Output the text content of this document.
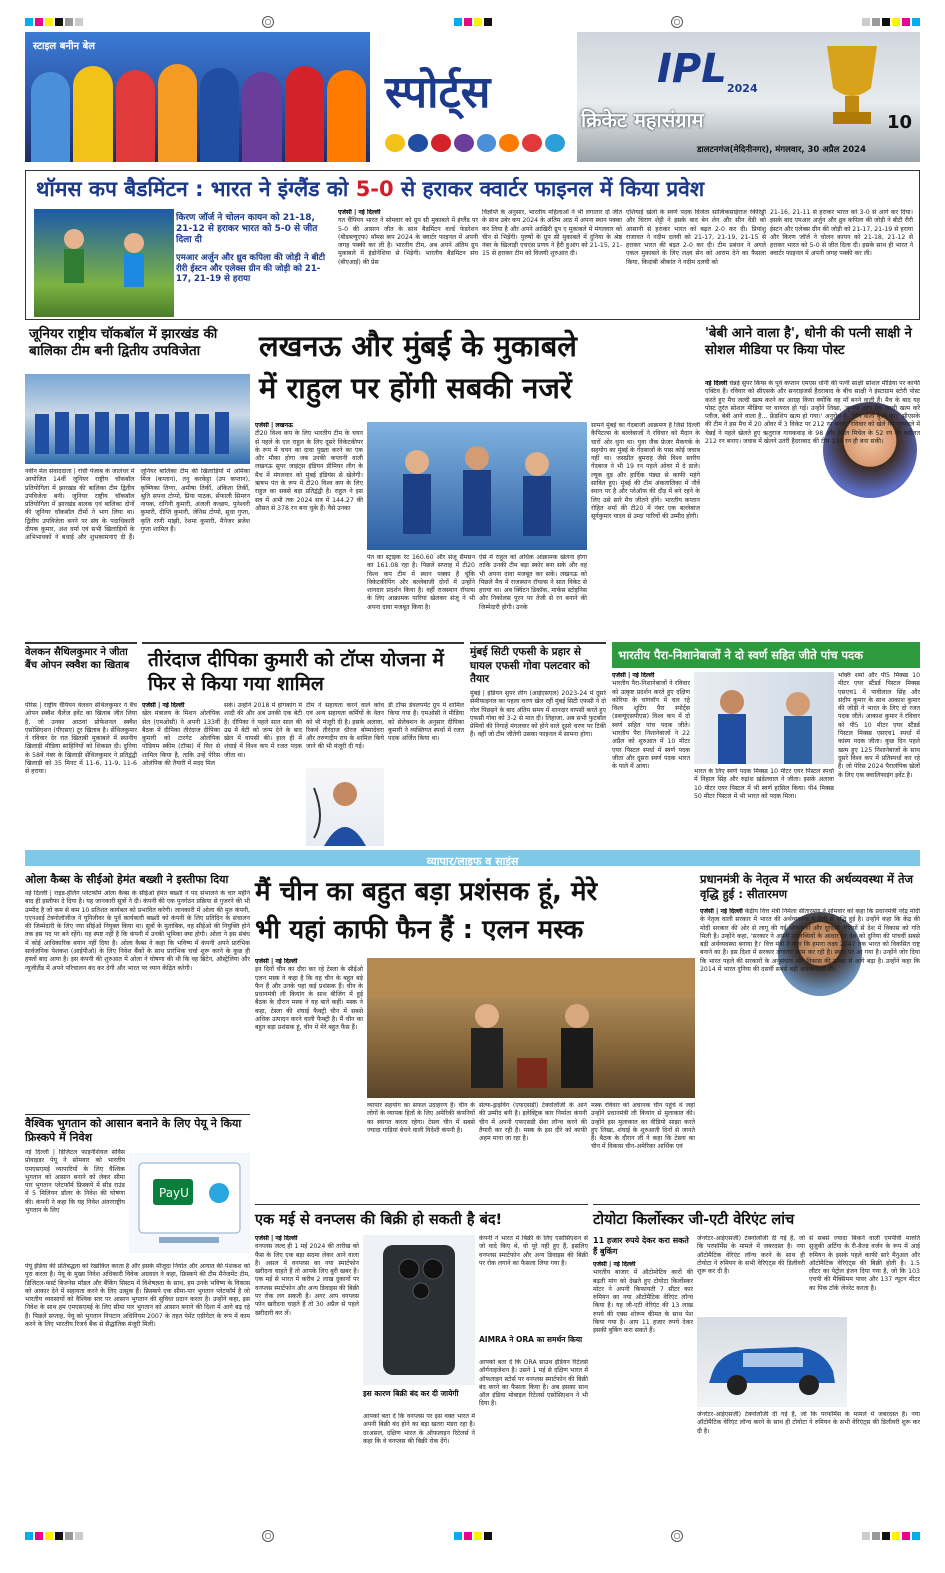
स्टाइल बनीन बेल
स्पोर्ट्स	IPL 2024
क्रिकेट महासंग्राम	10
डालटनगंज(मेदिनीनगर), मंगलवार, 30 अप्रैल 2024
थॉमस कप बैडमिंटन : भारत ने इंग्लैंड को 5-0 से हराकर क्वार्टर फाइनल में किया प्रवेश
किरण जॉर्ज ने चोलन कायन को 21-18, 21-12 से हराकर भारत को 5-0 से जीत दिला दी
एमआर अर्जुन और ध्रुव कपिला की जोड़ी ने बीटी रीरी ईस्टन और एलेक्स ग्रीन की जोड़ी को 21-17, 21-19 से हराया
एजेंसी | नई दिल्ली
गत चैंपियन भारत ने सोमवार को ग्रुप सी मुकाबले में इंग्लैंड पर 5-0 की आसान जीत के साथ बैडमिंटन वर्ल्ड फेडरेशन (बीडब्ल्यूएफ) थॉमस कप 2024 के क्वार्टर फाइनल में अपनी जगह पक्की कर ली है। भारतीय टीम, अब अपने अंतिम ग्रुप मुकाबले में इंडोनेशिया से भिड़ेगी। भारतीय बैडमिंटन संघ (बीएआई) की प्रेस
विज्ञप्ति के अनुसार, भारतीय महिलाओं ने भी लगातार दो जीत के साथ उबेर कप 2024 के अंतिम आठ में अपना स्थान पक्का कर लिया है और अपने आखिरी ग्रुप ए मुकाबले में मंगलवार को चीन से भिड़ेंगी। पुरुषों के ग्रुप सी मुकाबले में दुनिया के श्रेष्ठ नंबर के खिलाड़ी एचएस प्रणय ने हैरी हुआंग को 21-15, 21-15 से हराकर टीम को विजयी शुरुआत दी।
एशियाई खेलों के स्वर्ण पदक विजेता सात्विकसाईराज रंकीरेड्डी और चिराग शेट्टी ने इसके बाद बेन लेन और सीन वेंडी को आसानी से हराकर भारत को बढ़त 2-0 कर दी। प्रियांशु राजावत ने नदीम दलवी को 21-17, 21-19, 21-15 से हराकर भारत की बढ़त 2-0 कर दी। टीम प्रबंधन ने अगले एकल मुकाबले के लिए लक्ष्य सेन को आराम देने का फैसला किया, किदांबी श्रीकांत ने नदीम दलवी को
21-16, 21-11 से हराकर भारत को 3-0 से आगे कर दिया। इसके बाद एमआर अर्जुन और ध्रुव कपिला की जोड़ी ने बीटी रीरी ईस्टन और एलेक्स ग्रीन की जोड़ी को 21-17, 21-19 से हराया और किरण जॉर्ज ने चोलन कायन को 21-18, 21-12 से हराकर भारत को 5-0 से जीत दिला दी। इसके साथ ही भारत ने क्वार्टर फाइनल में अपनी जगह पक्की कर ली।
जूनियर राष्ट्रीय चॉकबॉल में झारखंड की बालिका टीम बनी द्वितीय उपविजेता
नवीन मेल संवाददाता | रांची पंजाब के जालंधर में आयोजित 14वीं जूनियर राष्ट्रीय चॉकबॉल प्रतियोगिता में झारखंड की बालिका टीम द्वितीय उपविजेता बनी। जूनियर राष्ट्रीय चॉकबॉल प्रतियोगिता में झारखंड बालक एवं बालिका दोनों की जूनियर चॉकबॉल टीमों ने भाग लिया था। द्वितीय उपविजेता बनने पर संघ के पदाधिकारी दीपक कुमार, अंश वर्मा एवं सभी खिलाड़ियों के अभिभावकों ने बधाई और शुभकामनाएं दी हैं। जूनियर बालिका टीम की खिलाड़ियों में अमिका मिंज (कप्तान), तनु करकेट्टा (उप कप्तान), कृष्णिका तिग्गा, अमीषा तिर्की, अंकिता तिर्की, श्रुति सपना टोप्पो, प्रिया पाठक, सेंफाली सिमरन नायक, रागिनी कुमारी, अंजली कच्छप, पुनेश्वरी कुमारी, दीप्ति कुमारी, जेनिस टोप्पो, सुधा गुप्ता, कृति राणी मांझी, रेशमा कुमारी, मैनेजर ब्रजेश गुप्ता शामिल हैं।
लखनऊ और मुंबई के मुकाबले
में राहुल पर होंगी सबकी नजरें
एजेंसी | लखनऊ
टी20 विश्व कप के लिए भारतीय टीम के चयन से पहले के एल राहुल के लिए दूसरे विकेटकीपर के रूप में चयन का दावा पुख्ता करने का एक और मौका होगा जब उनकी कप्तानी वाली लखनऊ सुपर जाइंट्स इंडियन प्रीमियर लीग के मैच में मंगलवार को मुंबई इंडियंस से खेलेगी। ऋषभ पंत के रूप में टी20 विश्व कप के लिए राहुल का सबसे बड़ा प्रतिद्वंद्वी है। राहुल ने इस सत्र में अभी तक 2024 सत्र में 144.27 की औसत से 378 रन बना चुके हैं। वैसे उनका
पंत का स्ट्राइक रेट 160.60 और संजू सैमसन का 161.08 रहा है। पिछले सप्ताह में टी20 विश्व कप टीम में स्थान पक्का है चूंकि विकेटकीपिंग और बल्लेबाजी दोनों में उन्होंने शानदार प्रदर्शन किया है। वहीं राजस्थान रॉयल्स के लिए आक्रामक पारियां खेलकर संजू ने भी अपना दावा मजबूत किया है।
ऐसे में राहुल को अधिक आक्रामक खेलना होगा ताकि उनकी टीम बड़ा स्कोर बना सके और वह भी अपना दावा मजबूत कर सकें। लखनऊ को पिछले मैच में राजस्थान रॉयल्स ने सात विकेट से हराया था। अब क्विंटन डिकॉक, मार्कस स्टोइनिस और निकोलस पूरन पर तेजी से रन बनाने की जिम्मेदारी होगी। उनके
सामने मुंबई का गेंदबाजी आक्रमण है जिसे दिल्ली कैपिटल्स के बल्लेबाजों ने रविवार को मैदान के चारों ओर धुना था। युवा जैक फ्रेजर मैकगर्क के सहयोग का मुंबई के गेंदबाजों के पास कोई जवाब नहीं था। जसप्रीत बुमराह जैसे विश्व स्तरीय गेंदबाज ने भी 19 रन पहले ओवर में दे डाले। ल्यूक वुड और हार्दिक पंड्या से काफी महंगे साबित हुए। मुंबई की टीम अंकतालिका में नौवें स्थान पर है और प्लेऑफ की दौड़ में बने रहने के लिए उसे सारे मैच जीतने होंगे। भारतीय कप्तान रोहित शर्मा की टी20 में नंबर एक बल्लेबाज सूर्यकुमार यादव से उम्दा पारियों की उम्मीद होगी।
'बेबी आने वाला है', धोनी की पत्नी साक्षी ने सोशल मीडिया पर किया पोस्ट
नई दिल्ली चेन्नई सुपर किंग्स के पूर्व कप्तान एमएस धोनी की पत्नी साक्षी सोशल मीडिया पर काफी एक्टिव हैं। रविवार को सीएसके और सनराइजर्स हैदराबाद के बीच साक्षी ने इंस्टाग्राम स्टोरी पोस्ट करते हुए मैच जल्दी खत्म करने का आग्रह किया क्योंकि वह माँ बनने वाली हैं। मैच के बाद यह पोस्ट तुरंत सोशल मीडिया पर वायरल हो गई। उन्होंने लिखा, 'कृपया आप मैच जल्दी खत्म करें प्लीज, बेबी आने वाला है... फ्रेंडशिप खत्म हो गया।' अनुरोध है- 'होने वाली बुआ का।' सीएसके की टीम ने इस मैच में 20 ओवर में 3 विकेट पर 212 रन बनाए। रविवार को खेले गए मुकाबले में चेन्नई ने पहले खेलते हुए ऋतुराज गायकवाड़ के 98 और डेरिल मिचेल के 52 रन की बदौलत 212 रन बनाए। जवाब में खेलने उतरी हैदराबाद की टीम 134 रन ही बना सकी।
वेलकन सैथिलकुमार ने जीता बैंच ओपन स्क्वैश का खिताब
पेरिस | राष्ट्रीय चैंपियन वेलवन सेंथिलकुमार ने बैंच ओपन स्क्वैश चैलेंज इवेंट का खिताब जीत लिया है, जो उनका आठवां प्रोफेशनल स्क्वैश एसोसिएशन (पीएसए) टूर खिताब है। सेंथिलकुमार ने रविवार देर रात खिताबी मुकाबले में स्थानीय खिलाड़ी मीडिया साहिनियों को शिकस्त दी। दुनिया के 58वें नंबर के खिलाड़ी सेंथिलकुमार ने प्रतिद्वंद्वी खिलाड़ी को 35 मिनट में 11-6, 11-9, 11-6 से हराया।
तीरंदाज दीपिका कुमारी को टॉप्स योजना में फिर से किया गया शामिल
एजेंसी | नई दिल्ली
खेल मंत्रालय के मिशन ओलंपिक सेल (एमओसी) ने अपनी 133वीं बैठक में दीपिका तीरंदाज दीपिका कुमारी को टारगेट ओलंपिक पोडियम स्कीम (टॉप्स) में फिर से शामिल किया है, ताकि उन्हें पेरिस ओलंपिक की तैयारी में मदद मिल
सके। उन्होंने 2018 में हांगकांग में शादी की और अब उनकी एक बेटी है। दीपिका ने पहले सात साल की उम्र में बेटी को जन्म देने के बाद खेल में वापसी की। हाल ही में शंघाई में विश्व कप में रजत पदक जीता था।
टीम ने सहायता करने वाले कोच एवं अन्य सहायता कर्मियों के वेतन को भी मंजूरी दी है। इसके अलावा, रिकर्व तीरंदाज धीरज बोम्मादेवरा और तरुणदीप राय के शामिल किये जाने की भी मंजूरी दी गई।
डी टॉप्स डेवलपमेंट ग्रुप में शामिल किया गया है। एमओसी ने मीडिया को सेलेक्शन के अनुसार दीपिका कुमारी ने व्यक्तिगत स्पर्धा में रजत पदक अर्जित किया था।
मुंबई सिटी एफसी के प्रहार से घायल एफसी गोवा पलटवार को तैयार
मुंबई | इंडियन सुपर लीग (आईएसएल) 2023-24 में दूसरे सेमीफाइनल का पहला चरण खेल रहीं मुंबई सिटी एफसी ने दो गोल पिछड़ने के बाद अंतिम समय में शानदार वापसी करते हुए एफसी गोवा को 3-2 से मात दी। लिहाजा, अब सभी फुटबॉल प्रेमियों की निगाहें मंगलवार को होने वाले दूसरे चरण पर टिकी हैं। वहीं जो टीम जीतेगी उसका फाइनल में सामना होगा।
भारतीय पैरा-निशानेबाजों ने दो स्वर्ण सहित जीते पांच पदक
एजेंसी | नई दिल्ली
भारतीय पैरा-निशानेबाजों ने रविवार को उत्कृष्ट प्रदर्शन करते हुए दक्षिण कोरिया के चांगवॉन में चल रहे विश्व शूटिंग पैरा स्पोर्ट्स (डब्ल्यूएसपीएस) विश्व कप में दो स्वर्ण सहित पांच पदक जीते। भारतीय पैरा निशानेबाजों ने 22 अप्रैल को शुरुआत में 10 मीटर एयर पिस्टल स्पर्धा में स्वर्ण पदक जीता और दूसरा स्वर्ण पदक भारत के पाले में आया।
भारत के लिए स्वर्ण पदक मिक्स्ड 10 मीटर एयर पिस्टल स्पर्धा में निहाल सिंह और रुद्रांश खंडेलवाल ने जीता। इसके अलावा 10 मीटर एयर पिस्टल में भी स्वर्ण हासिल किया। पी4 मिक्स्ड 50 मीटर पिस्टल में भी भारत को पदक मिला।
भक्ति शर्मा और पी5 मिक्स्ड 10 मीटर एयर स्टैंडर्ड पिस्टल मिक्स्ड एसएच1 में पावीलाल सिंह और संदीप कुमार के साथ आकाश कुमार की जोड़ी ने भारत के लिए दो रजत पदक जीते। आकाश कुमार ने रविवार को पी5 10 मीटर एयर स्टैंडर्ड पिस्टल मिक्स्ड एसएच1 स्पर्धा में कांस्य पदक जीता। कुछ दिन पहले खत्म हुए 125 निशानेबाजों के साथ दूसरे विश्व कप में प्रतिस्पर्धा कर रहे हैं। जो पेरिस 2024 पैरालंपिक खेलों के लिए एक क्वालिफाइंग इवेंट है।
व्यापार/लाइफ व साइंस
ओला कैब्स के सीईओ हेमंत बख्शी ने इस्तीफा दिया
नई दिल्ली | राइड-हेलिंग प्लेटफॉर्म ओला कैब्स के सीईओ हेमंत बख्शी ने पद संभालने के चार महीने बाद ही इस्तीफा दे दिया है। यह जानकारी सूत्रों ने दी। कंपनी की एक पुनर्गठन प्रक्रिया से गुजरने की भी उम्मीद है जो कम से कम 10 प्रतिशत कार्यबल को प्रभावित करेगी। जानकारी में ओला की मूल कंपनी, एएनआई टेक्नोलॉजीज ने यूनिलीवर के पूर्व कार्यकारी बख्शी को कंपनी के लिए प्रतिदिन के संचालन की जिम्मेदारी के लिए नया सीईओ नियुक्त किया था। सूत्रों के मुताबिक, वह सीईओ की नियुक्ति होने तक इस पद पर बने रहेंगे। यह स्पष्ट नहीं है कि कंपनी में उनकी भूमिका क्या होगी। ओला ने इस संबंध में कोई आधिकारिक बयान नहीं दिया है। ओला कैब्स ने कहा कि भविष्य में कंपनी अपने प्रारंभिक सार्वजनिक पेशकश (आईपीओ) के लिए निवेश बैंकों के साथ प्रारंभिक चर्चा शुरू करने के कुछ ही हफ्तों बाद आया है। इस कंपनी की शुरुआत में ओला ने घोषणा की थी कि वह ब्रिटेन, ऑस्ट्रेलिया और न्यूजीलैंड में अपने परिचालन बंद कर देगी और भारत पर ध्यान केंद्रित करेगी।
वैश्विक भुगतान को आसान बनाने के लिए पेयू ने किया फ्रिस्कपे में निवेश
नई दिल्ली | डिजिटल फाइनेंशियल सर्विस प्रोवाइडर पेयू ने सोमवार को भारतीय एमएसएमई व्यापारियों के लिए वैश्विक भुगतान को आसान बनाने को लेकर सीमा पार भुगतान प्लेटफॉर्म फ्रिस्कपे में सीड राउंड में 5 मिलियन डॉलर के निवेश की घोषणा की। कंपनी ने कहा कि यह निवेश अंतरराष्ट्रीय भुगतान के लिए
PayU
पेयू इंडिया की प्रतिबद्धता को रेखांकित करता है और इसके मौजूदा निर्यात और आयात की पेशकश को पूरा करता है। पेयू के मुख्य निवेश अधिकारी विवेक अग्रवाल ने कहा, फ्रिस्कपे की टीम मैनेजमेंट टीम, डिजिटल-फर्स्ट बिजनेस मॉडल और बैंकिंग सिस्टम में विशेषज्ञता के साथ, हम उनके भविष्य के विकास को आकार देने में सहायता करने के लिए उत्सुक हैं। फ्रिस्कपे एक सीमा-पार भुगतान प्लेटफॉर्म है जो भारतीय व्यवसायों को वैश्विक स्तर पर आसान भुगतान की सुविधा प्रदान करता है। उन्होंने कहा, इस निवेश के साथ हम एमएसएमई के लिए सीमा पार भुगतान को आसान बनाने की दिशा में आगे बढ़ रहे हैं। पिछले सप्ताह, पेयू को भुगतान निपटान अधिनियम 2007 के तहत पेमेंट एग्रीगेटर के रूप में काम करने के लिए भारतीय रिजर्व बैंक से सैद्धांतिक मंजूरी मिली।
मैं चीन का बहुत बड़ा प्रशंसक हूं, मेरे
भी यहां काफी फैन हैं : एलन मस्क
एजेंसी | नई दिल्ली
इन दिनों चीन का दौरा कर रहे टेस्ला के सीईओ एलन मस्क ने कहा है कि वह चीन के बहुत बड़े फैन हैं और उनके यहां कई प्रशंसक हैं। चीन के प्रधानमंत्री ली कियांग के साथ बीजिंग में हुई बैठक के दौरान मस्क ने यह बातें कहीं। मस्क ने कहा, टेस्ला की शंघाई फैक्ट्री चीन में सबसे अधिक उत्पादन करने वाली फैक्ट्री है। मैं चीन का बहुत बड़ा प्रशंसक हूं, चीन में मेरे बहुत फैंस हैं।
व्यापार सहयोग का सफल उदाहरण है। चीन के लोगों के व्यापक हितों के लिए अमेरिकी कंपनियों का स्वागत करता रहेगा। टेस्ला चीन में सबसे ज्यादा गाड़ियां बेचने वाली विदेशी कंपनी है।
सेल्फ-ड्राइविंग (एफएसडी) टेक्नोलॉजी के आने की उम्मीद बनी है। इलेक्ट्रिक कार निर्माता कंपनी चीन में अपनी एफएसडी सेवा लॉन्च करने की तैयारी कर रही है। मस्क के इस दौरे को काफी अहम माना जा रहा है।
मस्क रविवार को अचानक चीन पहुंचे थे जहां उन्होंने प्रधानमंत्री ली कियांग से मुलाकात की। उन्होंने इस मुलाकात का वीडियो साझा करते हुए लिखा, शंघाई के शुरुआती दिनों से जानते हैं। बैठक के दौरान ली ने कहा कि टेस्ला का चीन में विकास चीन-अमेरिका आर्थिक एवं
प्रधानमंत्री के नेतृत्व में भारत की अर्थव्यवस्था में तेज वृद्धि हुई : सीतारमण
एजेंसी | नई दिल्ली केंद्रीय वित्त मंत्री निर्मला सीतारमण ने सोमवार को कहा कि प्रधानमंत्री नरेंद्र मोदी के नेतृत्व वाली सरकार में भारत की अर्थव्यवस्था में तेजी से वृद्धि हुई है। उन्होंने कहा कि केंद्र की मोदी सरकार की ओर से लागू की गई योजनाओं और दूरदर्शी नीतियों से देश में विकास को गति मिली है। उन्होंने कहा, 'सरकार ने अपनी उपलब्धियों के आधार पर देश को दुनिया की पांचवीं सबसे बड़ी अर्थव्यवस्था बनाया है।' वित्त मंत्री ने कहा कि हमारा लक्ष्य 2047 तक भारत को विकसित राष्ट्र बनाने का है। इस दिशा में सरकार लगातार काम कर रही है। स्थान पर आ गया है। उन्होंने जोर दिया कि भारत पहले की सरकारों के अनुसंधान और विकास की उपेक्षा से आगे बढ़ा है। उन्होंने कहा कि 2014 में भारत दुनिया की दसवीं सबसे बड़ी अर्थव्यवस्था थी।
एक मई से वनप्लस की बिक्री हो सकती है बंद!
एजेंसी | नई दिल्ली
वनप्लस जल्द ही 1 मई 2024 की तारीख को फैंस के लिए एक बड़ा सदमा लेकर आने वाला है। असल में वनप्लस का नया स्मार्टफोन खरीदना चाहते हैं तो आपके लिए बुरी खबर है। एक मई से भारत में करीब 2 लाख दुकानों पर वनप्लस स्मार्टफोन और अन्य डिवाइस की बिक्री पर रोक लग सकती है। अगर आप वनप्लस फोन खरीदना चाहते हैं तो 30 अप्रैल से पहले खरीदारी कर लें।
इस कारण बिक्री बंद कर दी जायेगी
आपको बता दें कि वनप्लस पर इस वक्त भारत में अपनी बिक्री बंद होने का बड़ा खतरा मंडरा रहा है। दरअसल, दक्षिण भारत के ऑफलाइन रिटेलर्स ने कहा कि वे वनप्लस की बिक्री रोक देंगे।
कंपनी ने भारत में बिक्री के लिए एसोसिएशन से जो वादे किए थे, वो पूरे नहीं हुए हैं, इसलिए वनप्लस स्मार्टफोन और अन्य डिवाइस की बिक्री पर रोक लगाने का फैसला लिया गया है।
AIMRA ने ORA का समर्थन किया
आपको बता दें कि ORA साउथ इंडियन रिटेलर्स ऑर्गनाइजेशन है। उसने 1 मई से दक्षिण भारत में ऑफलाइन स्टोर्स पर वनप्लस स्मार्टफोन की बिक्री बंद करने का फैसला किया है। अब इसका साथ ऑल इंडिया मोबाइल रिटेलर्स एसोसिएशन ने भी दिया है।
टोयोटा किर्लोस्कर जी-एटी वेरिएंट लांच
11 हजार रुपये देकर करा सकते हैं बुकिंग
एजेंसी | नई दिल्ली
भारतीय बाजार में ऑटोमोटिव कारों की बढ़ती मांग को देखते हुए टोयोटा किर्लोस्कर मोटर ने अपनी किफायती 7 सीटर कार रुमियन का नया ऑटोमैटिक वेरिएंट लॉन्च किया है। यह जी-एटी वेरिएंट की 13 लाख रुपये की एक्स शोरूम कीमत के साथ पेश किया गया है। आप 11 हजार रुपये देकर इसकी बुकिंग करा सकते हैं।
जेनरेटर-आईएसजी) टेक्नोलॉजी दी गई है, जो कि परफॉर्मेंस के मामले में जबरदस्त है। नया ऑटोमैटिक वेरिएंट लॉन्च करने के साथ ही टोयोटा ने रुमियन के सभी वेरिएंट्स की डिलीवरी शुरू कर दी है।
से सबसे ज्यादा बिकने वाली एमपीवी मारुति सुजुकी अर्टिगा के री-बैज्ड वर्जन के रूप में आई रुमियन के इसके पहले काफी सारे मैनुअल और ऑटोमैटिक वेरिएंट्स की बिक्री होती है। 1.5 लीटर का पेट्रोल इंजन दिया गया है, जो कि 103 एचपी की मैक्सिमम पावर और 137 न्यूटन मीटर का पिक टॉर्क जेनरेट करता है।
जेनरेटर-आईएसजी) टेक्नोलॉजी दी गई है, जो कि परफॉर्मेंस के मामले में जबरदस्त है। नया ऑटोमैटिक वेरिएंट लॉन्च करने के साथ ही टोयोटा ने रुमियन के सभी वेरिएंट्स की डिलीवरी शुरू कर दी है।
